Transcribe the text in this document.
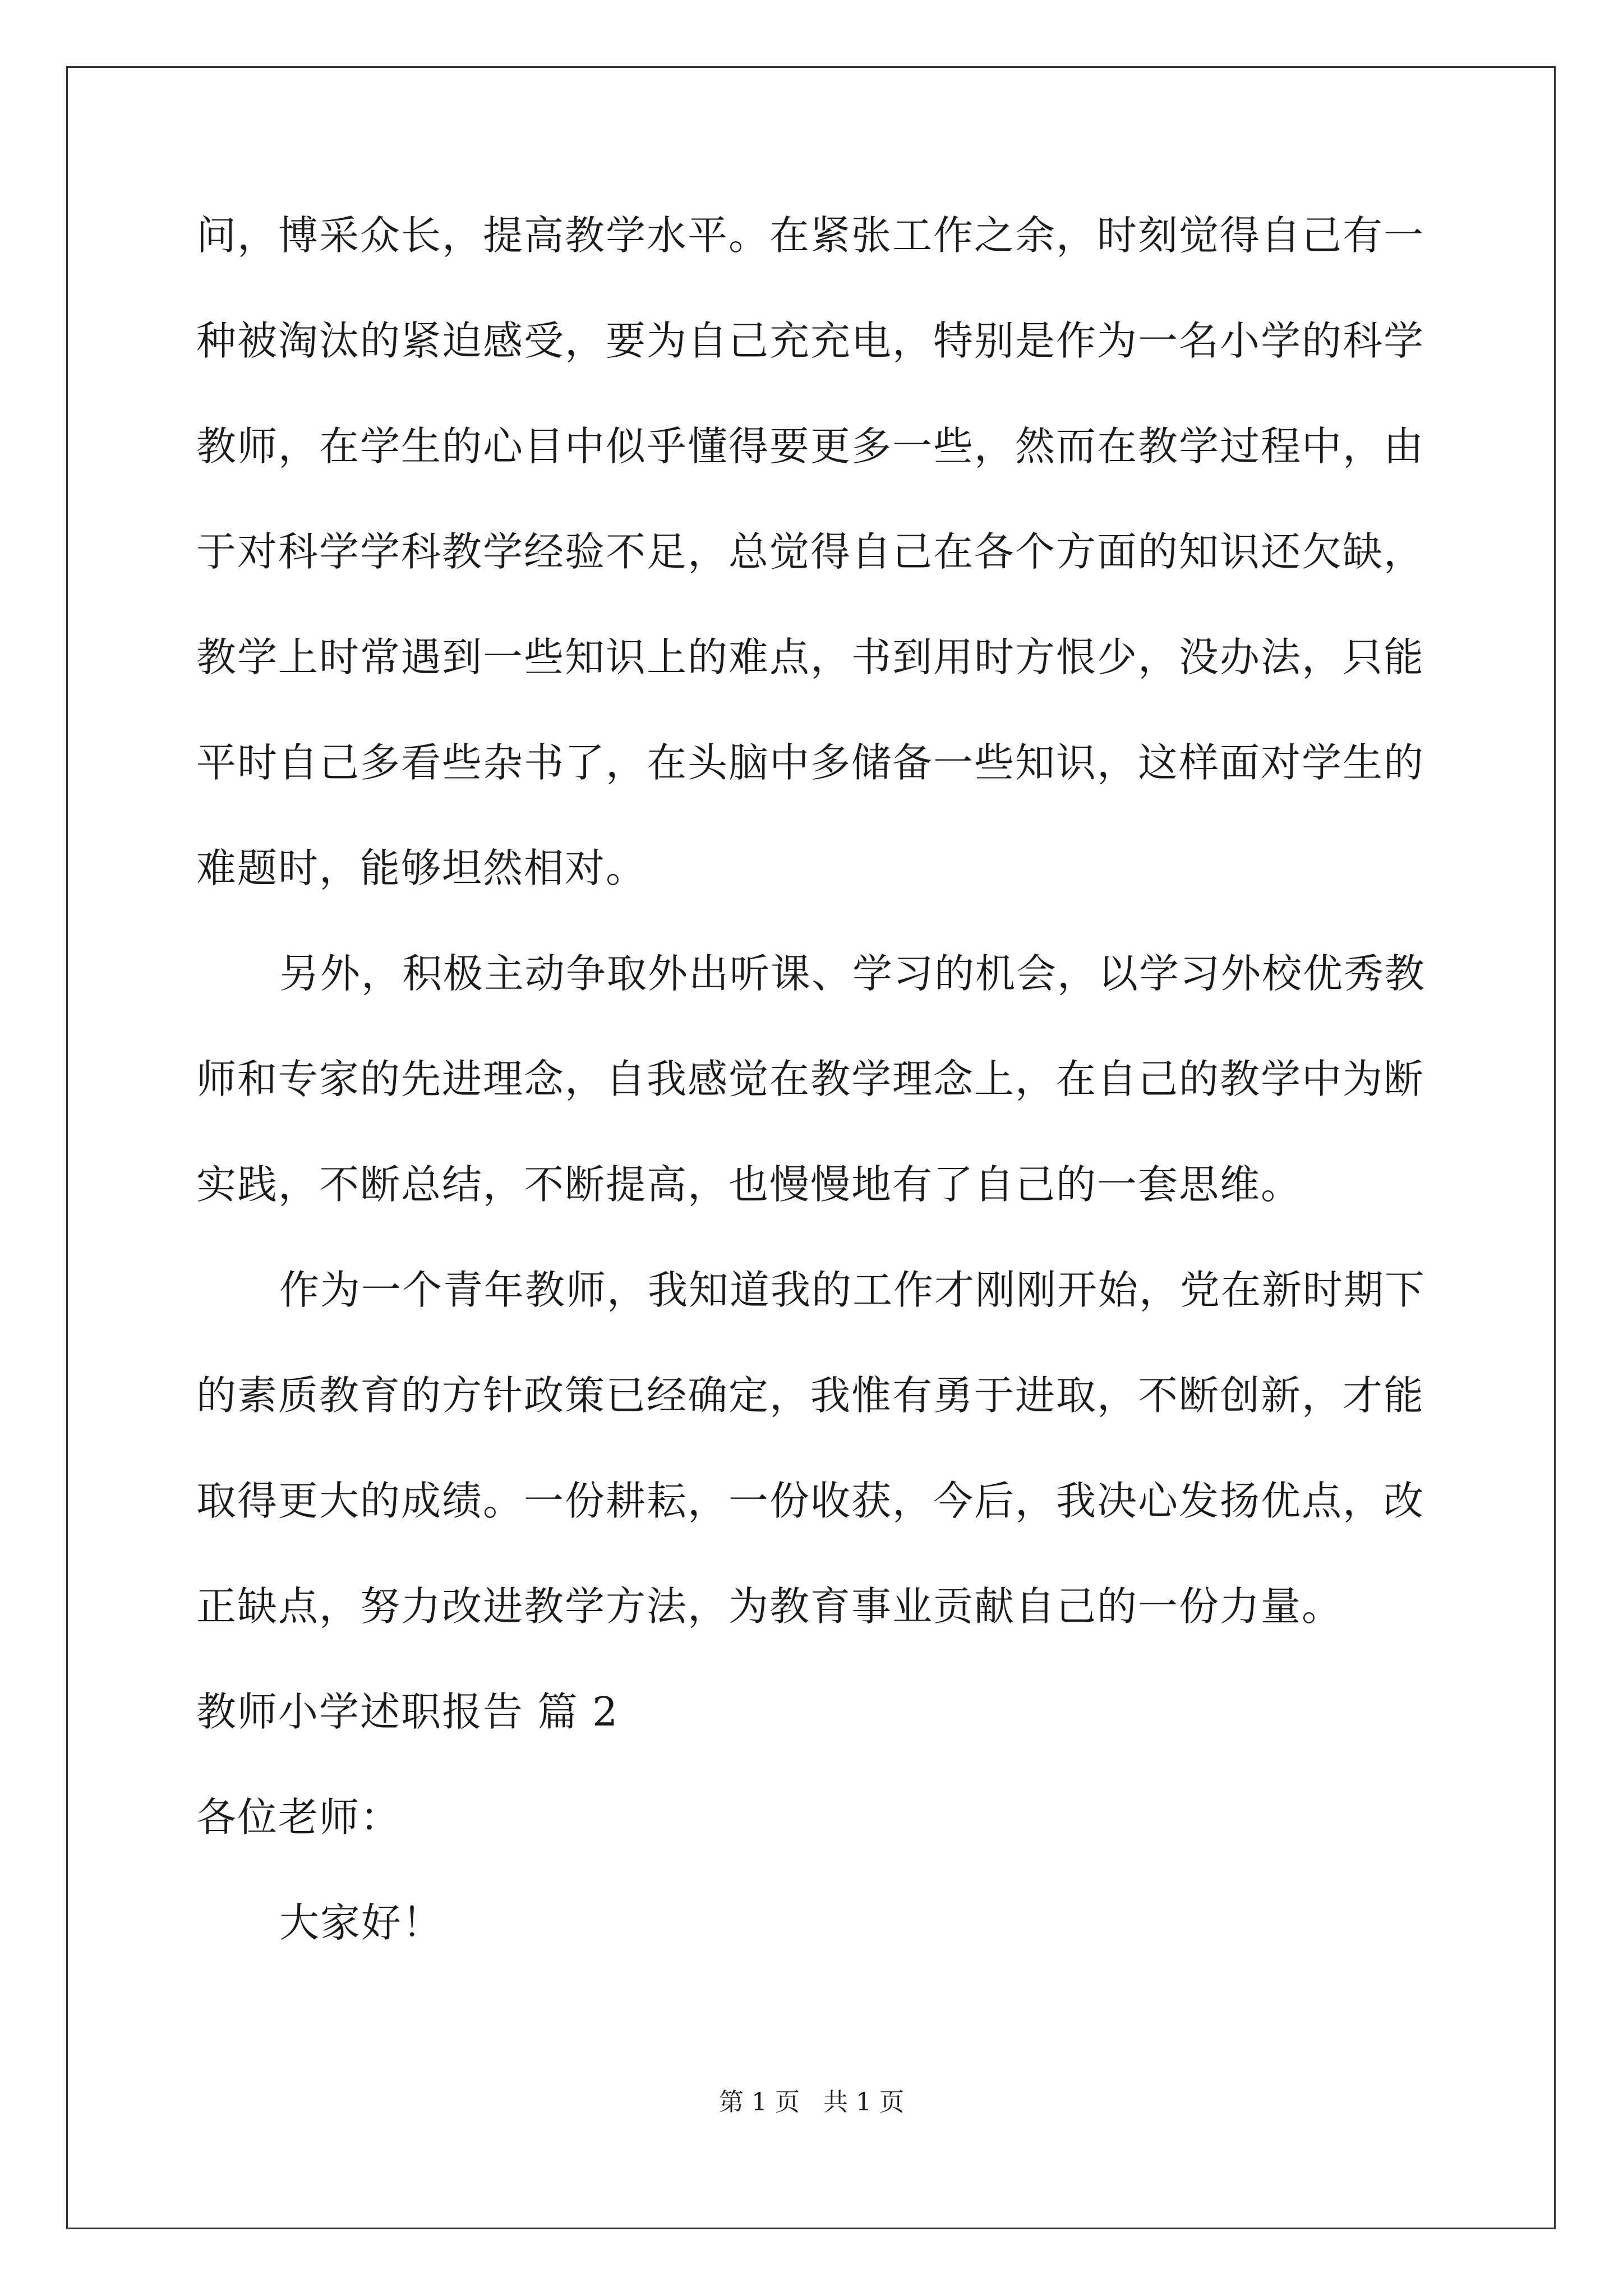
问，博采众长，提高教学水平。在紧张工作之余，时刻觉得自己有一
种被淘汰的紧迫感受，要为自己充充电，特别是作为一名小学的科学
教师，在学生的心目中似乎懂得要更多一些，然而在教学过程中，由
于对科学学科教学经验不足，总觉得自己在各个方面的知识还欠缺，
教学上时常遇到一些知识上的难点，书到用时方恨少，没办法，只能
平时自己多看些杂书了，在头脑中多储备一些知识，这样面对学生的
难题时，能够坦然相对。
另外，积极主动争取外出听课、学习的机会，以学习外校优秀教
师和专家的先进理念，自我感觉在教学理念上，在自己的教学中为断
实践，不断总结，不断提高，也慢慢地有了自己的一套思维。
作为一个青年教师，我知道我的工作才刚刚开始，党在新时期下
的素质教育的方针政策已经确定，我惟有勇于进取，不断创新，才能
取得更大的成绩。一份耕耘，一份收获，今后，我决心发扬优点，改
正缺点，努力改进教学方法，为教育事业贡献自己的一份力量。
教师小学述职报告 篇 2
各位老师：
大家好！
第 1 页 共 1 页
